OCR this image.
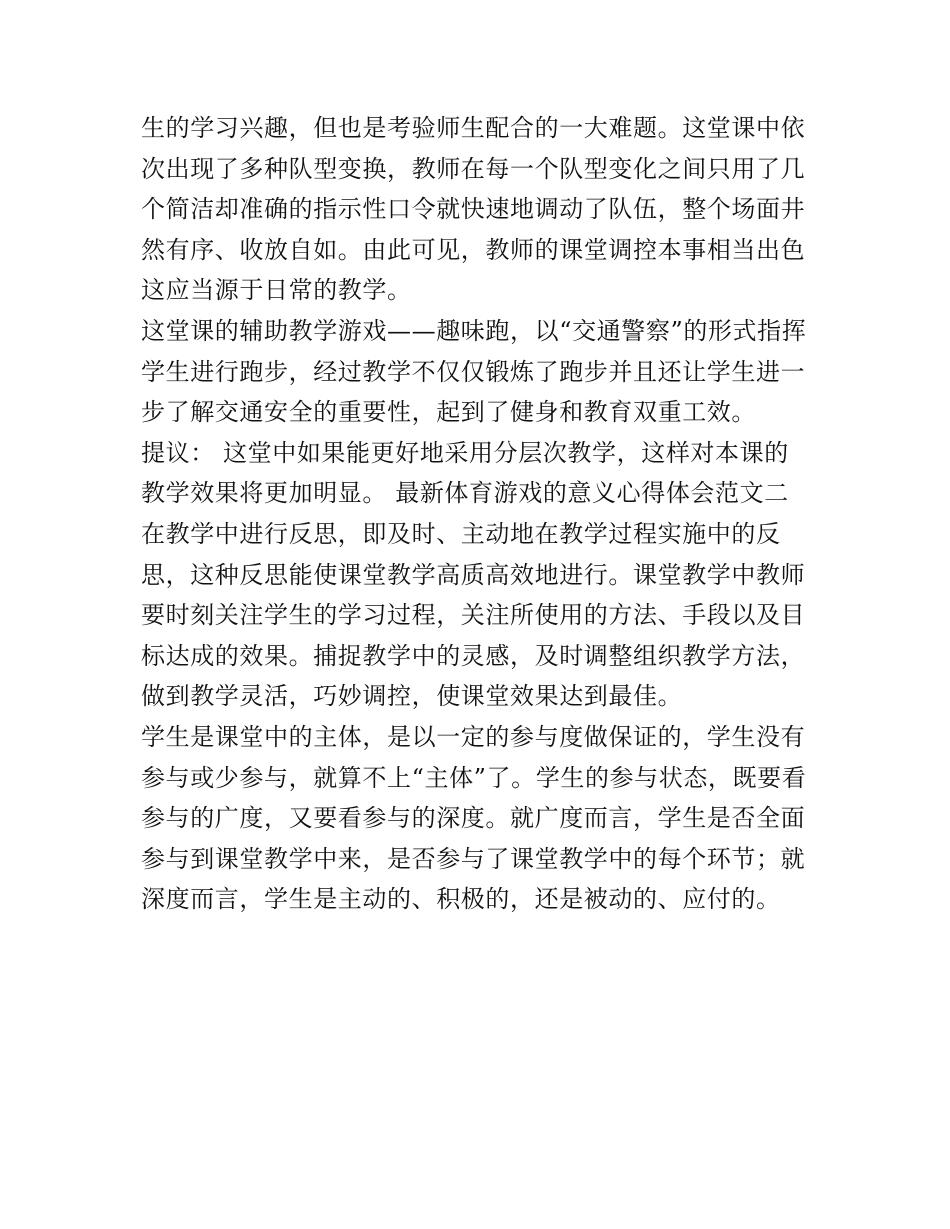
生的学习兴趣，但也是考验师生配合的一大难题。这堂课中依
次出现了多种队型变换，教师在每一个队型变化之间只用了几
个简洁却准确的指示性口令就快速地调动了队伍，整个场面井
然有序、收放自如。由此可见，教师的课堂调控本事相当出色
这应当源于日常的教学。
这堂课的辅助教学游戏——趣味跑，以“交通警察”的形式指挥
学生进行跑步，经过教学不仅仅锻炼了跑步并且还让学生进一
步了解交通安全的重要性，起到了健身和教育双重工效。
提议： 这堂中如果能更好地采用分层次教学，这样对本课的
教学效果将更加明显。 最新体育游戏的意义心得体会范文二
在教学中进行反思，即及时、主动地在教学过程实施中的反
思，这种反思能使课堂教学高质高效地进行。课堂教学中教师
要时刻关注学生的学习过程，关注所使用的方法、手段以及目
标达成的效果。捕捉教学中的灵感，及时调整组织教学方法，
做到教学灵活，巧妙调控，使课堂效果达到最佳。
学生是课堂中的主体，是以一定的参与度做保证的，学生没有
参与或少参与，就算不上“主体”了。学生的参与状态，既要看
参与的广度，又要看参与的深度。就广度而言，学生是否全面
参与到课堂教学中来，是否参与了课堂教学中的每个环节；就
深度而言，学生是主动的、积极的，还是被动的、应付的。
